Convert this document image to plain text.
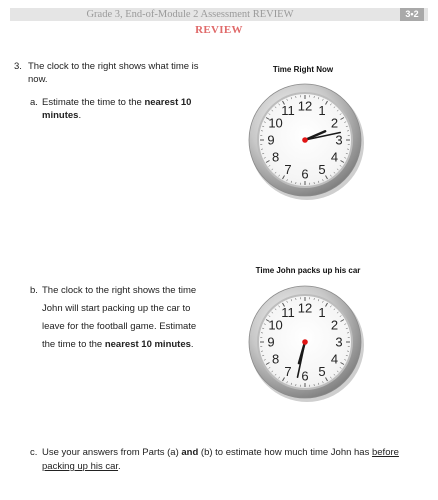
Grade 3, End-of-Module 2 Assessment REVIEW	3•2
REVIEW
3. The clock to the right shows what time is
now.
a. Estimate the time to the nearest 10
minutes.
Time Right Now
12 1
2
3
4
5
6
7
8
9
10
11
b. The clock to the right shows the time
John will start packing up the car to
leave for the football game. Estimate
the time to the nearest 10 minutes.
Time John packs up his car
12 1
2
3
4
5
6
7
8
9
10
11
c. Use your answers from Parts (a) and (b) to estimate how much time John has before
packing up his car.
